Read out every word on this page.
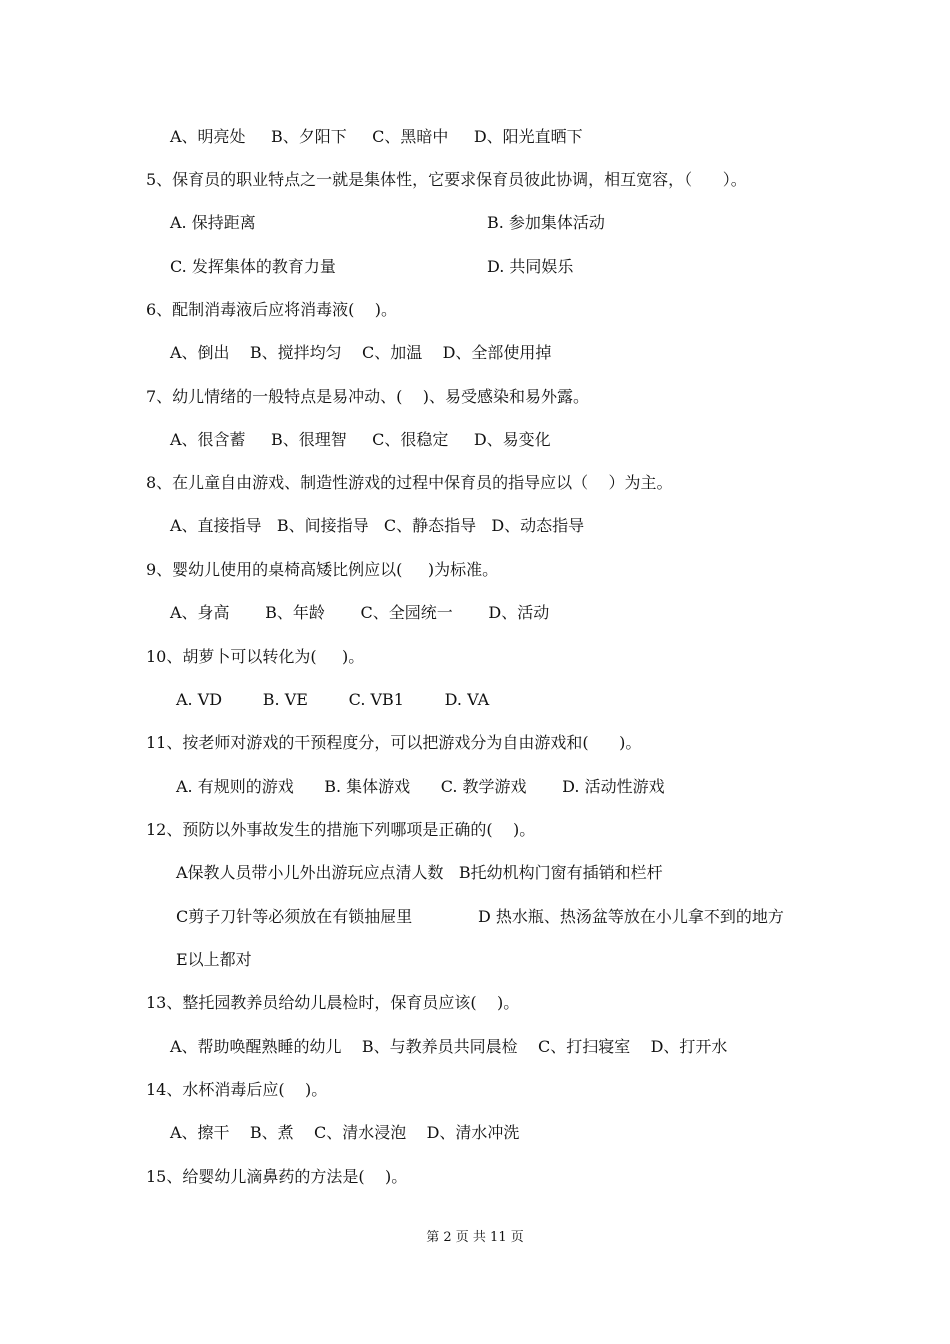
A、明亮处     B、夕阳下     C、黑暗中     D、阳光直晒下
5、保育员的职业特点之一就是集体性，它要求保育员彼此协调，相互宽容，（      ）。
A. 保持距离	B. 参加集体活动
C. 发挥集体的教育力量	D. 共同娱乐
6、配制消毒液后应将消毒液(    )。
A、倒出    B、搅拌均匀    C、加温    D、全部使用掉
7、幼儿情绪的一般特点是易冲动、(    )、易受感染和易外露。
A、很含蓄     B、很理智     C、很稳定     D、易变化
8、在儿童自由游戏、制造性游戏的过程中保育员的指导应以（    ）为主。
A、直接指导   B、间接指导   C、静态指导   D、动态指导
9、婴幼儿使用的桌椅高矮比例应以(     )为标准。
A、身高       B、年龄       C、全园统一       D、活动
10、胡萝卜可以转化为(     )。
A. VD        B. VE        C. VB1        D. VA
11、按老师对游戏的干预程度分，可以把游戏分为自由游戏和(      )。
A. 有规则的游戏      B. 集体游戏      C. 教学游戏       D. 活动性游戏
12、预防以外事故发生的措施下列哪项是正确的(    )。
A保教人员带小儿外出游玩应点清人数   B托幼机构门窗有插销和栏杆
C剪子刀针等必须放在有锁抽屉里	D 热水瓶、热汤盆等放在小儿拿不到的地方
E以上都对
13、整托园教养员给幼儿晨检时，保育员应该(    )。
A、帮助唤醒熟睡的幼儿    B、与教养员共同晨检    C、打扫寝室    D、打开水
14、水杯消毒后应(    )。
A、擦干    B、煮    C、清水浸泡    D、清水冲洗
15、给婴幼儿滴鼻药的方法是(    )。
第 2 页 共 11 页
